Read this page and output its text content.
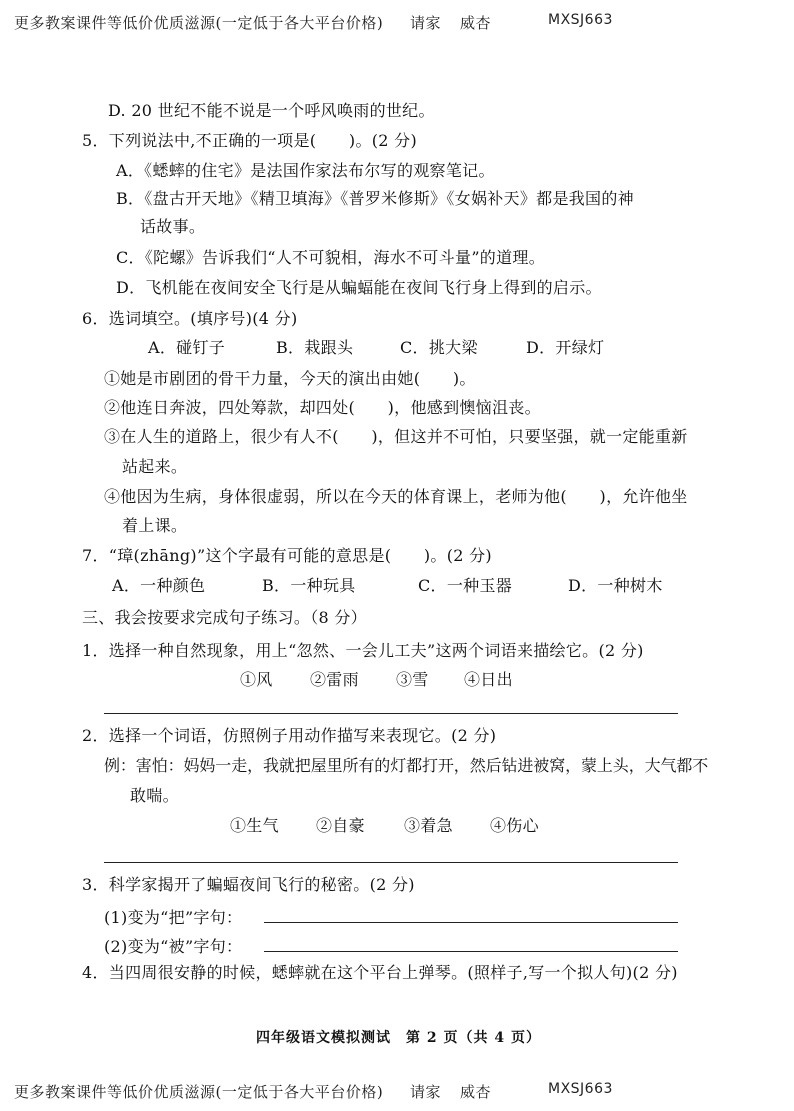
更多教案课件等低价优质滋源(一定低于各大平台价格) 请家 威杏	MXSJ663
D. 20 世纪不能不说是一个呼风唤雨的世纪。
5．下列说法中,不正确的一项是(　　)。(2 分)
A．《蟋蟀的住宅》是法国作家法布尔写的观察笔记。
B．《盘古开天地》《精卫填海》《普罗米修斯》《女娲补天》都是我国的神
话故事。
C．《陀螺》告诉我们“人不可貌相，海水不可斗量”的道理。
D．飞机能在夜间安全飞行是从蝙蝠能在夜间飞行身上得到的启示。
6．选词填空。(填序号)(4 分)
A．碰钉子	B．栽跟头	C．挑大梁	D．开绿灯
①她是市剧团的骨干力量，今天的演出由她(　　)。
②他连日奔波，四处筹款，却四处(　　)，他感到懊恼沮丧。
③在人生的道路上，很少有人不(　　)，但这并不可怕，只要坚强，就一定能重新
站起来。
④他因为生病，身体很虚弱，所以在今天的体育课上，老师为他(　　)，允许他坐
着上课。
7．“璋(zhāng)”这个字最有可能的意思是(　　)。(2 分)
A．一种颜色	B．一种玩具	C．一种玉器	D．一种树木
三、我会按要求完成句子练习。（8 分）
1．选择一种自然现象，用上“忽然、一会儿工夫”这两个词语来描绘它。(2 分)
①风 ②雷雨 ③雪 ④日出
2．选择一个词语，仿照例子用动作描写来表现它。(2 分)
例：害怕：妈妈一走，我就把屋里所有的灯都打开，然后钻进被窝，蒙上头，大气都不
敢喘。
①生气 ②自豪 ③着急 ④伤心
3．科学家揭开了蝙蝠夜间飞行的秘密。(2 分)
(1)变为“把”字句：
(2)变为“被”字句：
4．当四周很安静的时候，蟋蟀就在这个平台上弹琴。(照样子,写一个拟人句)(2 分)
四年级语文模拟测试　第 2 页（共 4 页）
更多教案课件等低价优质滋源(一定低于各大平台价格) 请家 威杏	MXSJ663
